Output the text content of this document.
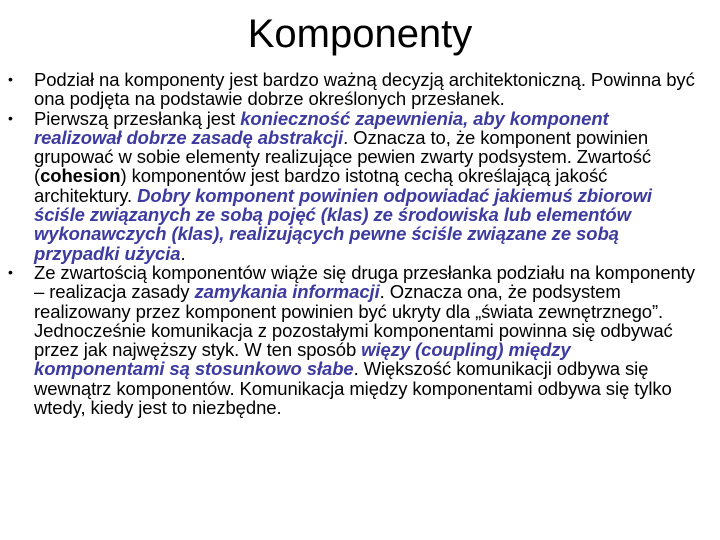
Komponenty
• Podział na komponenty jest bardzo ważną decyzją architektoniczną. Powinna być ona podjęta na podstawie dobrze określonych przesłanek.
• Pierwszą przesłanką jest konieczność zapewnienia, aby komponent realizował dobrze zasadę abstrakcji. Oznacza to, że komponent powinien grupować w sobie elementy realizujące pewien zwarty podsystem. Zwartość (cohesion) komponentów jest bardzo istotną cechą określającą jakość architektury. Dobry komponent powinien odpowiadać jakiemuś zbiorowi ściśle związanych ze sobą pojęć (klas) ze środowiska lub elementów wykonawczych (klas), realizujących pewne ściśle związane ze sobą przypadki użycia.
• Ze zwartością komponentów wiąże się druga przesłanka podziału na komponenty – realizacja zasady zamykania informacji. Oznacza ona, że podsystem realizowany przez komponent powinien być ukryty dla „świata zewnętrznego”. Jednocześnie komunikacja z pozostałymi komponentami powinna się odbywać przez jak najwęższy styk. W ten sposób więzy (coupling) między komponentami są stosunkowo słabe. Większość komunikacji odbywa się wewnątrz komponentów. Komunikacja między komponentami odbywa się tylko wtedy, kiedy jest to niezbędne.
